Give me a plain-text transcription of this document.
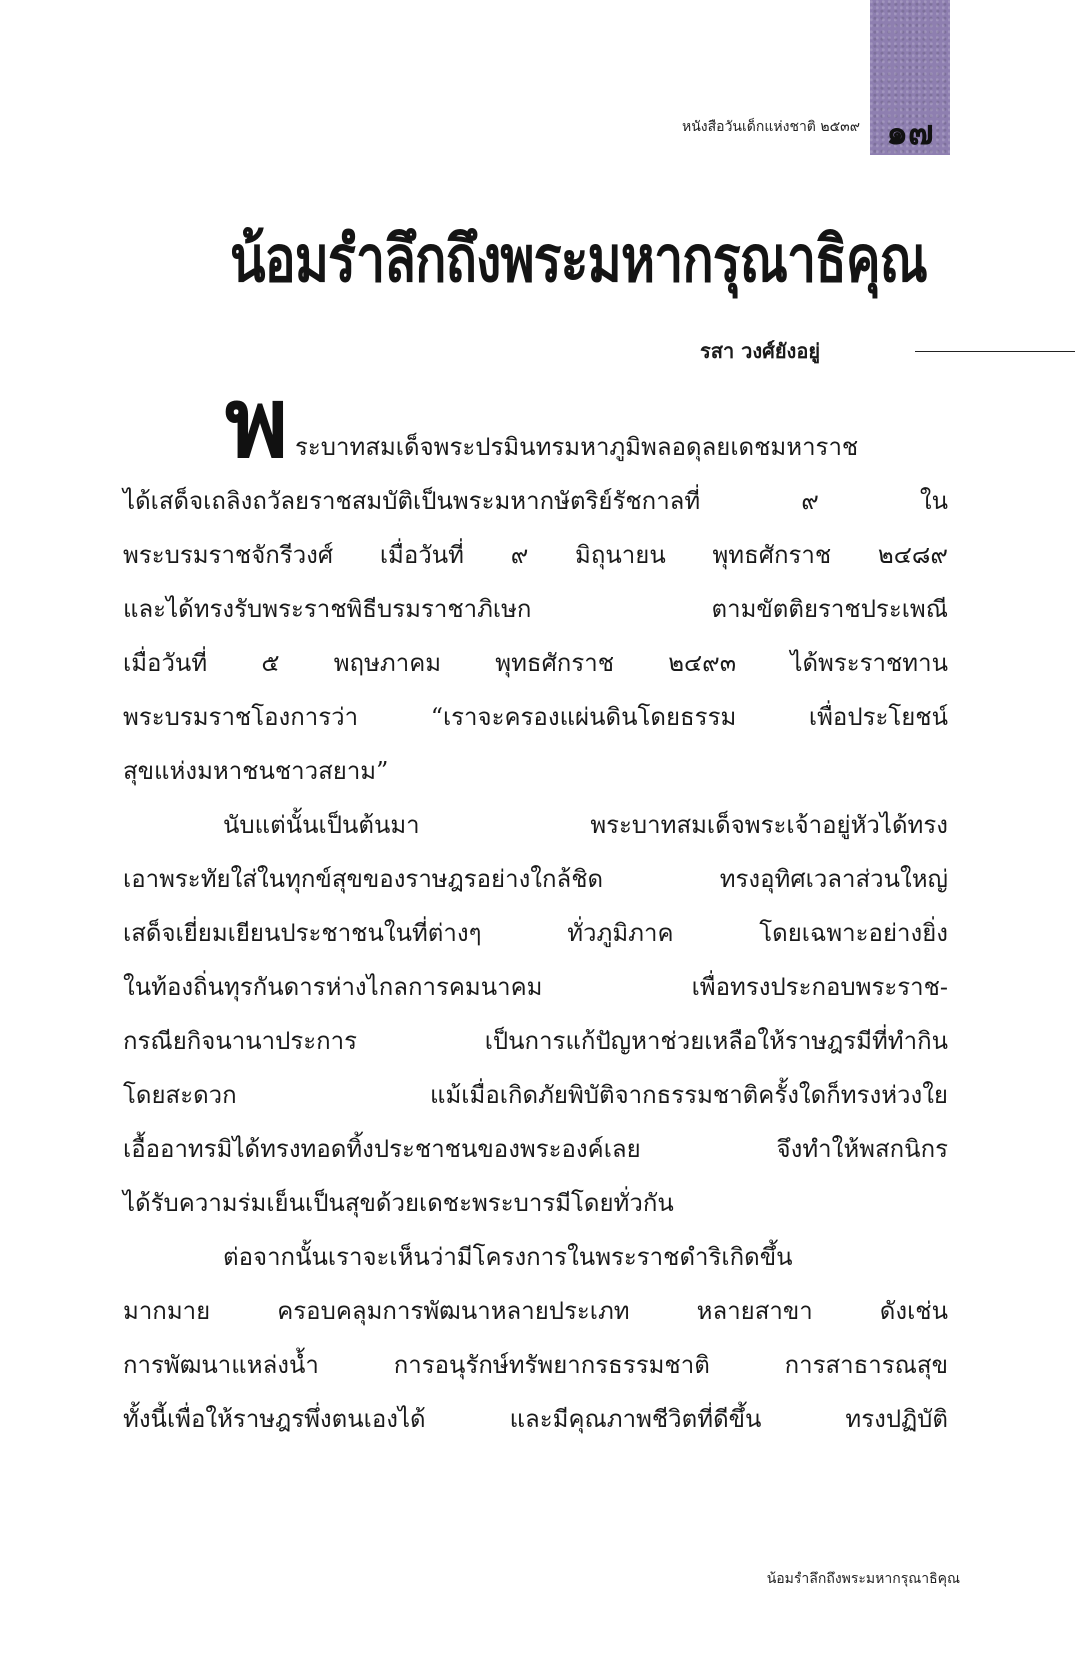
๑๗
หนังสือวันเด็กแห่งชาติ ๒๕๓๙
น้อมรำลึกถึงพระมหากรุณาธิคุณ
รสา วงศ์ยังอยู่
พ ระบาทสมเด็จพระปรมินทรมหาภูมิพลอดุลยเดชมหาราช
ได้เสด็จเถลิงถวัลยราชสมบัติเป็นพระมหากษัตริย์รัชกาลที่ ๙ ใน
พระบรมราชจักรีวงศ์ เมื่อวันที่ ๙ มิถุนายน พุทธศักราช ๒๔๘๙
และได้ทรงรับพระราชพิธีบรมราชาภิเษก ตามขัตติยราชประเพณี
เมื่อวันที่ ๕ พฤษภาคม พุทธศักราช ๒๔๙๓ ได้พระราชทาน
พระบรมราชโองการว่า “เราจะครองแผ่นดินโดยธรรม เพื่อประโยชน์
สุขแห่งมหาชนชาวสยาม”
นับแต่นั้นเป็นต้นมา พระบาทสมเด็จพระเจ้าอยู่หัวได้ทรง
เอาพระทัยใส่ในทุกข์สุขของราษฎรอย่างใกล้ชิด ทรงอุทิศเวลาส่วนใหญ่
เสด็จเยี่ยมเยียนประชาชนในที่ต่างๆ ทั่วภูมิภาค โดยเฉพาะอย่างยิ่ง
ในท้องถิ่นทุรกันดารห่างไกลการคมนาคม เพื่อทรงประกอบพระราช-
กรณียกิจนานาประการ เป็นการแก้ปัญหาช่วยเหลือให้ราษฎรมีที่ทำกิน
โดยสะดวก แม้เมื่อเกิดภัยพิบัติจากธรรมชาติครั้งใดก็ทรงห่วงใย
เอื้ออาทรมิได้ทรงทอดทิ้งประชาชนของพระองค์เลย จึงทำให้พสกนิกร
ได้รับความร่มเย็นเป็นสุขด้วยเดชะพระบารมีโดยทั่วกัน
ต่อจากนั้นเราจะเห็นว่ามีโครงการในพระราชดำริเกิดขึ้น
มากมาย ครอบคลุมการพัฒนาหลายประเภท หลายสาขา ดังเช่น
การพัฒนาแหล่งน้ำ การอนุรักษ์ทรัพยากรธรรมชาติ การสาธารณสุข
ทั้งนี้เพื่อให้ราษฎรพึ่งตนเองได้ และมีคุณภาพชีวิตที่ดีขึ้น ทรงปฏิบัติ
น้อมรำลึกถึงพระมหากรุณาธิคุณ
